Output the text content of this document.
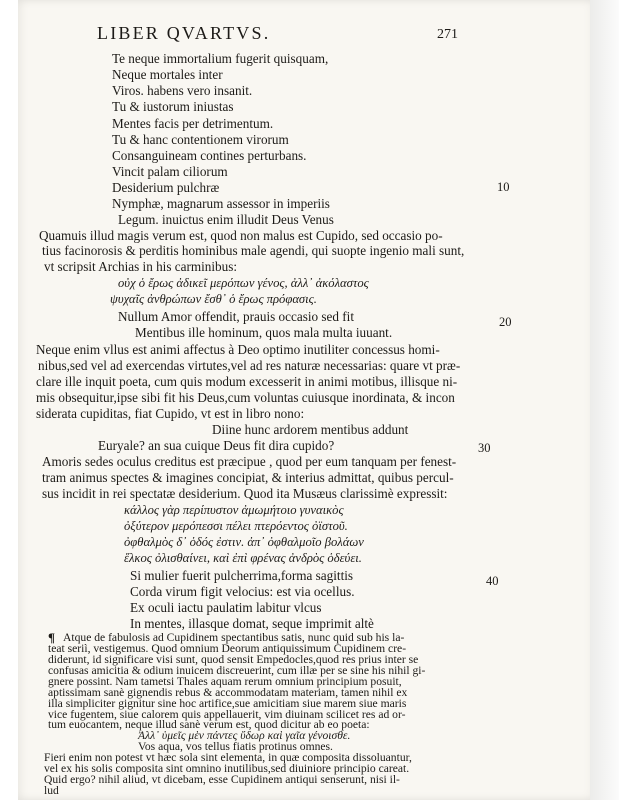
LIBER QVARTVS.	271
Te neque immortalium fugerit quisquam,
Neque mortales inter
Viros. habens vero insanit.
Tu & iustorum iniustas
Mentes facis per detrimentum.
Tu & hanc contentionem virorum
Consanguineam contines perturbans.
Vincit palam ciliorum
Desiderium pulchræ
Nymphæ, magnarum assessor in imperiis
Legum. inuictus enim illudit Deus Venus
Quamuis illud magis verum est, quod non malus est Cupido, sed occasio po-
tius facinorosis & perditis hominibus male agendi, qui suopte ingenio mali sunt,
vt scripsit Archias in his carminibus:
οὐχ ὁ ἔρως ἀδικεῖ μερόπων γένος, ἀλλ᾽ ἀκόλαστος
ψυχαῖς ἀνθρώπων ἔσθ᾽ ὁ ἔρως πρόφασις.
Nullum Amor offendit, prauis occasio sed fit
Mentibus ille hominum, quos mala multa iuuant.
Neque enim vllus est animi affectus à Deo optimo inutiliter concessus homi-
nibus,sed vel ad exercendas virtutes,vel ad res naturæ necessarias: quare vt præ-
clare ille inquit poeta, cum quis modum excesserit in animi motibus, illisque ni-
mis obsequitur,ipse sibi fit his Deus,cum voluntas cuiusque inordinata, & incon
siderata cupiditas, fiat Cupido, vt est in libro nono:
Diine hunc ardorem mentibus addunt
Euryale? an sua cuique Deus fit dira cupido?
Amoris sedes oculus creditus est præcipue , quod per eum tanquam per fenest-
tram animus spectes & imagines concipiat, & interius admittat, quibus percul-
sus incidit in rei spectatæ desiderium. Quod ita Musæus clarissimè expressit:
κάλλος γὰρ περίπυστον ἀμωμήτοιο γυναικὸς
ὀξύτερον μερόπεσσι πέλει πτερόεντος ὀϊστοῦ.
ὀφθαλμὸς δ᾽ ὁδός ἐστιν. ἀπ᾽ ὀφθαλμοῖο βολάων
ἕλκος ὀλισθαίνει, καὶ ἐπὶ φρένας ἀνδρὸς ὁδεύει.
Si mulier fuerit pulcherrima,forma sagittis
Corda virum figit velocius: est via ocellus.
Ex oculi iactu paulatim labitur vlcus
In mentes, illasque domat, seque imprimit altè
¶ Atque de fabulosis ad Cupidinem spectantibus satis, nunc quid sub his la-
teat seriì, vestigemus. Quod omnium Deorum antiquissimum Cupidinem cre-
diderunt, id significare visi sunt, quod sensit Empedocles,quod res prius inter se
confusas amicitia & odium inuicem discreuerint, cum illæ per se sine his nihil gi-
gnere possint. Nam tametsi Thales aquam rerum omnium principium posuit,
aptissimam sanè gignendis rebus & accommodatam materiam, tamen nihil ex
illa simpliciter gignitur sine hoc artifice,sue amicitiam siue marem siue maris
vice fugentem, siue calorem quis appellauerit, vim diuinam scilicet res ad or-
tum euocantem, neque illud sanè verum est, quod dicitur ab eo poeta:
Ἀλλ᾽ ὑμεῖς μὲν πάντες ὕδωρ καὶ γαῖα γένοισθε.
Vos aqua, vos tellus fiatis protinus omnes.
Fieri enim non potest vt hæc sola sint elementa, in quæ composita dissoluantur,
vel ex his solis composita sint omnino inutilibus,sed diuiniore principio careat.
Quid ergo? nihil aliud, vt dicebam, esse Cupidinem antiqui senserunt, nisi il-
lud
10
20
30
40
